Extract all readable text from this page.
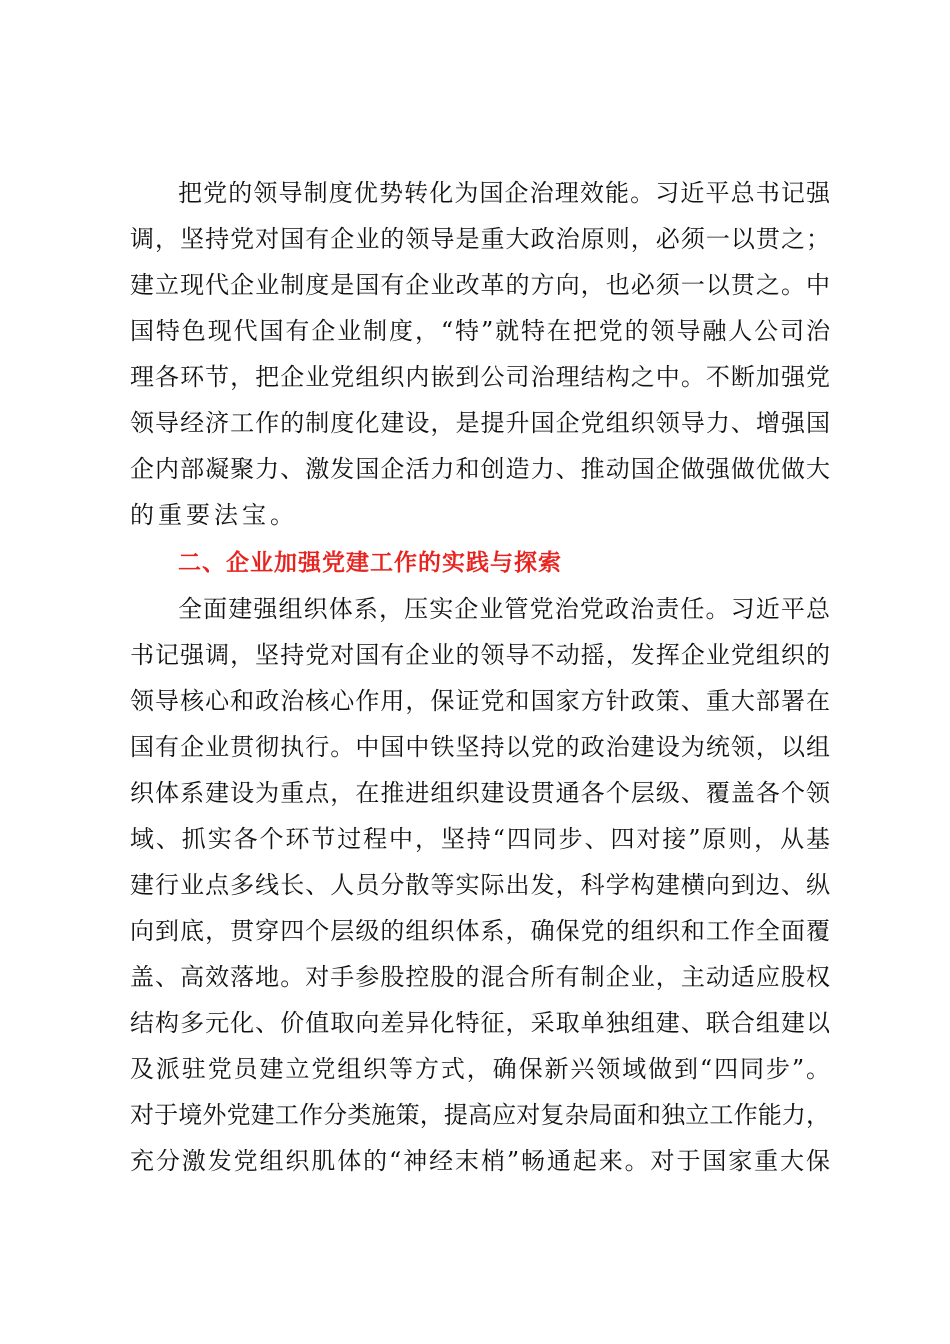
把党的领导制度优势转化为国企治理效能。习近平总书记强
调，坚持党对国有企业的领导是重大政治原则，必须一以贯之；
建立现代企业制度是国有企业改革的方向，也必须一以贯之。中
国特色现代国有企业制度，“特”就特在把党的领导融人公司治
理各环节，把企业党组织内嵌到公司治理结构之中。不断加强党
领导经济工作的制度化建设，是提升国企党组织领导力、增强国
企内部凝聚力、激发国企活力和创造力、推动国企做强做优做大
的重要法宝。
二、企业加强党建工作的实践与探索
全面建强组织体系，压实企业管党治党政治责任。习近平总
书记强调，坚持党对国有企业的领导不动摇，发挥企业党组织的
领导核心和政治核心作用，保证党和国家方针政策、重大部署在
国有企业贯彻执行。中国中铁坚持以党的政治建设为统领，以组
织体系建设为重点，在推进组织建设贯通各个层级、覆盖各个领
域、抓实各个环节过程中，坚持“四同步、四对接”原则，从基
建行业点多线长、人员分散等实际出发，科学构建横向到边、纵
向到底，贯穿四个层级的组织体系，确保党的组织和工作全面覆
盖、高效落地。对手参股控股的混合所有制企业，主动适应股权
结构多元化、价值取向差异化特征，采取单独组建、联合组建以
及派驻党员建立党组织等方式，确保新兴领域做到“四同步”。
对于境外党建工作分类施策，提高应对复杂局面和独立工作能力，
充分激发党组织肌体的“神经末梢”畅通起来。对于国家重大保
